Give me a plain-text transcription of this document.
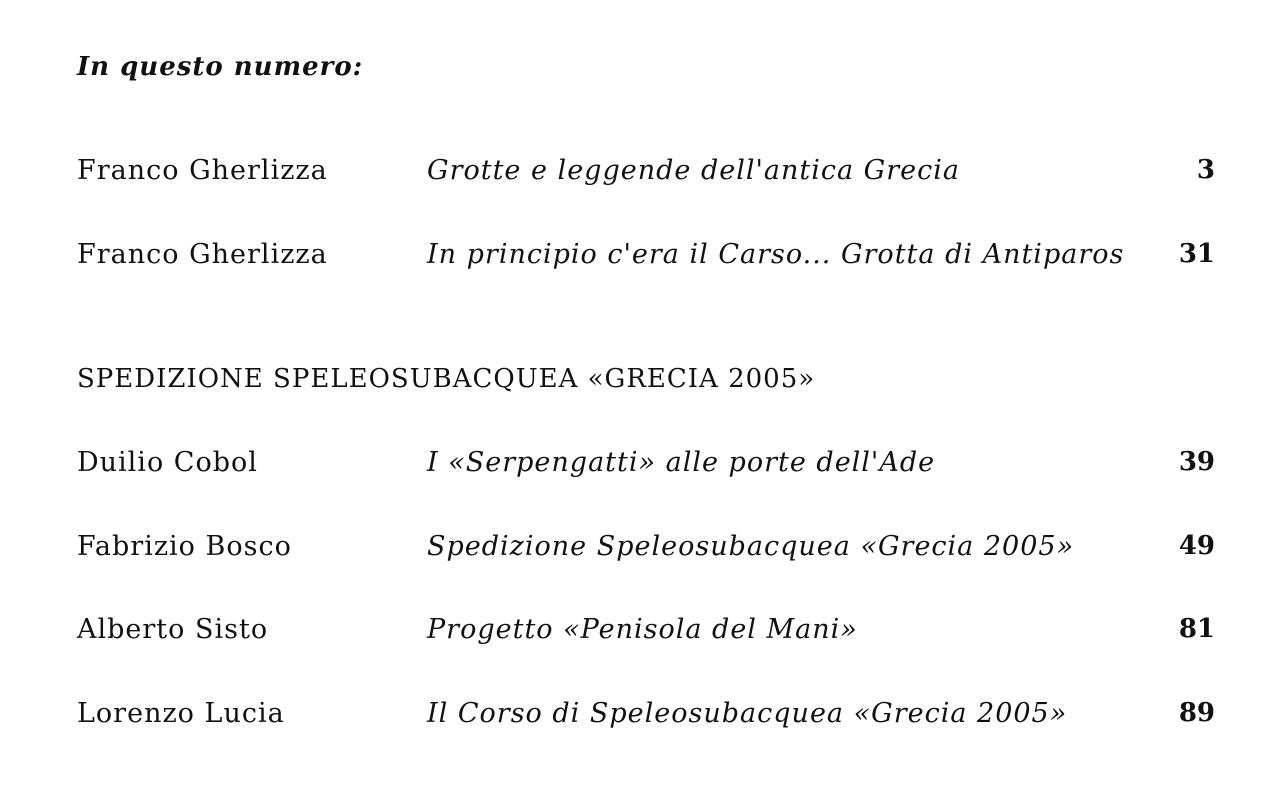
In questo numero:
Franco Gherlizza	Grotte e leggende dell'antica Grecia	3
Franco Gherlizza	In principio c'era il Carso... Grotta di Antiparos 31
SPEDIZIONE SPELEOSUBACQUEA «GRECIA 2005»
Duilio Cobol	I «Serpengatti» alle porte dell'Ade	39
Fabrizio Bosco	Spedizione Speleosubacquea «Grecia 2005»	49
Alberto Sisto	Progetto «Penisola del Mani»	81
Lorenzo Lucia	Il Corso di Speleosubacquea «Grecia 2005»	89
